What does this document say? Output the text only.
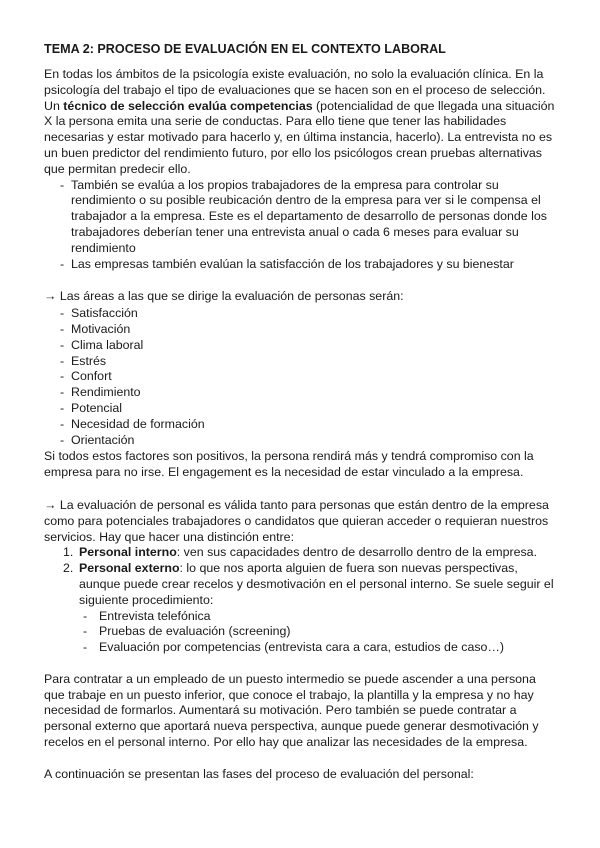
TEMA 2: PROCESO DE EVALUACIÓN EN EL CONTEXTO LABORAL

En todas los ámbitos de la psicología existe evaluación, no solo la evaluación clínica. En la psicología del trabajo el tipo de evaluaciones que se hacen son en el proceso de selección. Un técnico de selección evalúa competencias (potencialidad de que llegada una situación X la persona emita una serie de conductas. Para ello tiene que tener las habilidades necesarias y estar motivado para hacerlo y, en última instancia, hacerlo). La entrevista no es un buen predictor del rendimiento futuro, por ello los psicólogos crean pruebas alternativas que permitan predecir ello.

- También se evalúa a los propios trabajadores de la empresa para controlar su rendimiento o su posible reubicación dentro de la empresa para ver si le compensa el trabajador a la empresa. Este es el departamento de desarrollo de personas donde los trabajadores deberían tener una entrevista anual o cada 6 meses para evaluar su rendimiento
- Las empresas también evalúan la satisfacción de los trabajadores y su bienestar

→ Las áreas a las que se dirige la evaluación de personas serán:

- Satisfacción
- Motivación
- Clima laboral
- Estrés
- Confort
- Rendimiento
- Potencial
- Necesidad de formación
- Orientación

Si todos estos factores son positivos, la persona rendirá más y tendrá compromiso con la empresa para no irse. El engagement es la necesidad de estar vinculado a la empresa.

→ La evaluación de personal es válida tanto para personas que están dentro de la empresa como para potenciales trabajadores o candidatos que quieran acceder o requieran nuestros servicios. Hay que hacer una distinción entre:

1. Personal interno: ven sus capacidades dentro de desarrollo dentro de la empresa.
2. Personal externo: lo que nos aporta alguien de fuera son nuevas perspectivas, aunque puede crear recelos y desmotivación en el personal interno. Se suele seguir el siguiente procedimiento:
- Entrevista telefónica
- Pruebas de evaluación (screening)
- Evaluación por competencias (entrevista cara a cara, estudios de caso…)

Para contratar a un empleado de un puesto intermedio se puede ascender a una persona que trabaje en un puesto inferior, que conoce el trabajo, la plantilla y la empresa y no hay necesidad de formarlos. Aumentará su motivación. Pero también se puede contratar a personal externo que aportará nueva perspectiva, aunque puede generar desmotivación y recelos en el personal interno. Por ello hay que analizar las necesidades de la empresa.

A continuación se presentan las fases del proceso de evaluación del personal:
